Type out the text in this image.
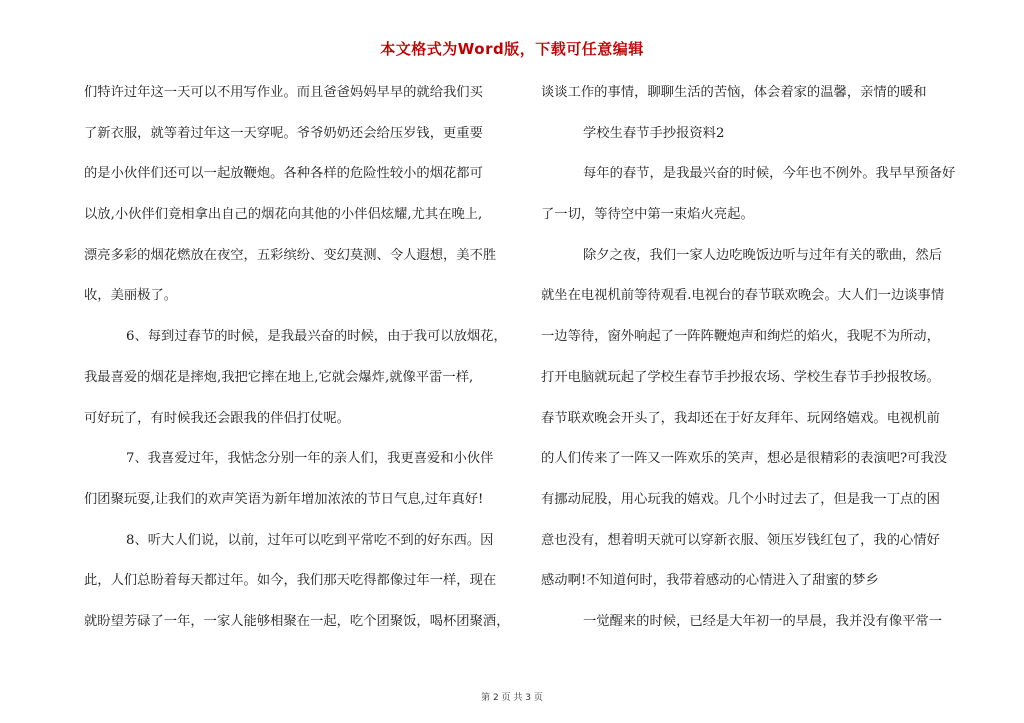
本文格式为Word版，下载可任意编辑
们特许过年这一天可以不用写作业。而且爸爸妈妈早早的就给我们买
了新衣服，就等着过年这一天穿呢。爷爷奶奶还会给压岁钱，更重要
的是小伙伴们还可以一起放鞭炮。各种各样的危险性较小的烟花都可
以放,小伙伴们竟相拿出自己的烟花向其他的小伴侣炫耀,尤其在晚上,
漂亮多彩的烟花燃放在夜空，五彩缤纷、变幻莫测、令人遐想，美不胜
收，美丽极了。
6、每到过春节的时候，是我最兴奋的时候，由于我可以放烟花，
我最喜爱的烟花是摔炮,我把它摔在地上,它就会爆炸,就像平雷一样,
可好玩了，有时候我还会跟我的伴侣打仗呢。
7、我喜爱过年，我惦念分别一年的亲人们，我更喜爱和小伙伴
们团聚玩耍,让我们的欢声笑语为新年增加浓浓的节日气息,过年真好!
8、听大人们说，以前，过年可以吃到平常吃不到的好东西。因
此，人们总盼着每天都过年。如今，我们那天吃得都像过年一样，现在
就盼望芳碌了一年，一家人能够相聚在一起，吃个团聚饭，喝杯团聚酒，
谈谈工作的事情，聊聊生活的苦恼，体会着家的温馨，亲情的暖和
学校生春节手抄报资料2
每年的春节，是我最兴奋的时候，今年也不例外。我早早预备好
了一切，等待空中第一束焰火亮起。
除夕之夜，我们一家人边吃晚饭边听与过年有关的歌曲，然后
就坐在电视机前等待观看.电视台的春节联欢晚会。大人们一边谈事情
一边等待，窗外响起了一阵阵鞭炮声和绚烂的焰火，我呢不为所动，
打开电脑就玩起了学校生春节手抄报农场、学校生春节手抄报牧场。
春节联欢晚会开头了，我却还在于好友拜年、玩网络嬉戏。电视机前
的人们传来了一阵又一阵欢乐的笑声，想必是很精彩的表演吧?可我没
有挪动屁股，用心玩我的嬉戏。几个小时过去了，但是我一丁点的困
意也没有，想着明天就可以穿新衣服、领压岁钱红包了，我的心情好
感动啊!不知道何时，我带着感动的心情进入了甜蜜的梦乡
一觉醒来的时候，已经是大年初一的早晨，我并没有像平常一
第 2 页 共 3 页
